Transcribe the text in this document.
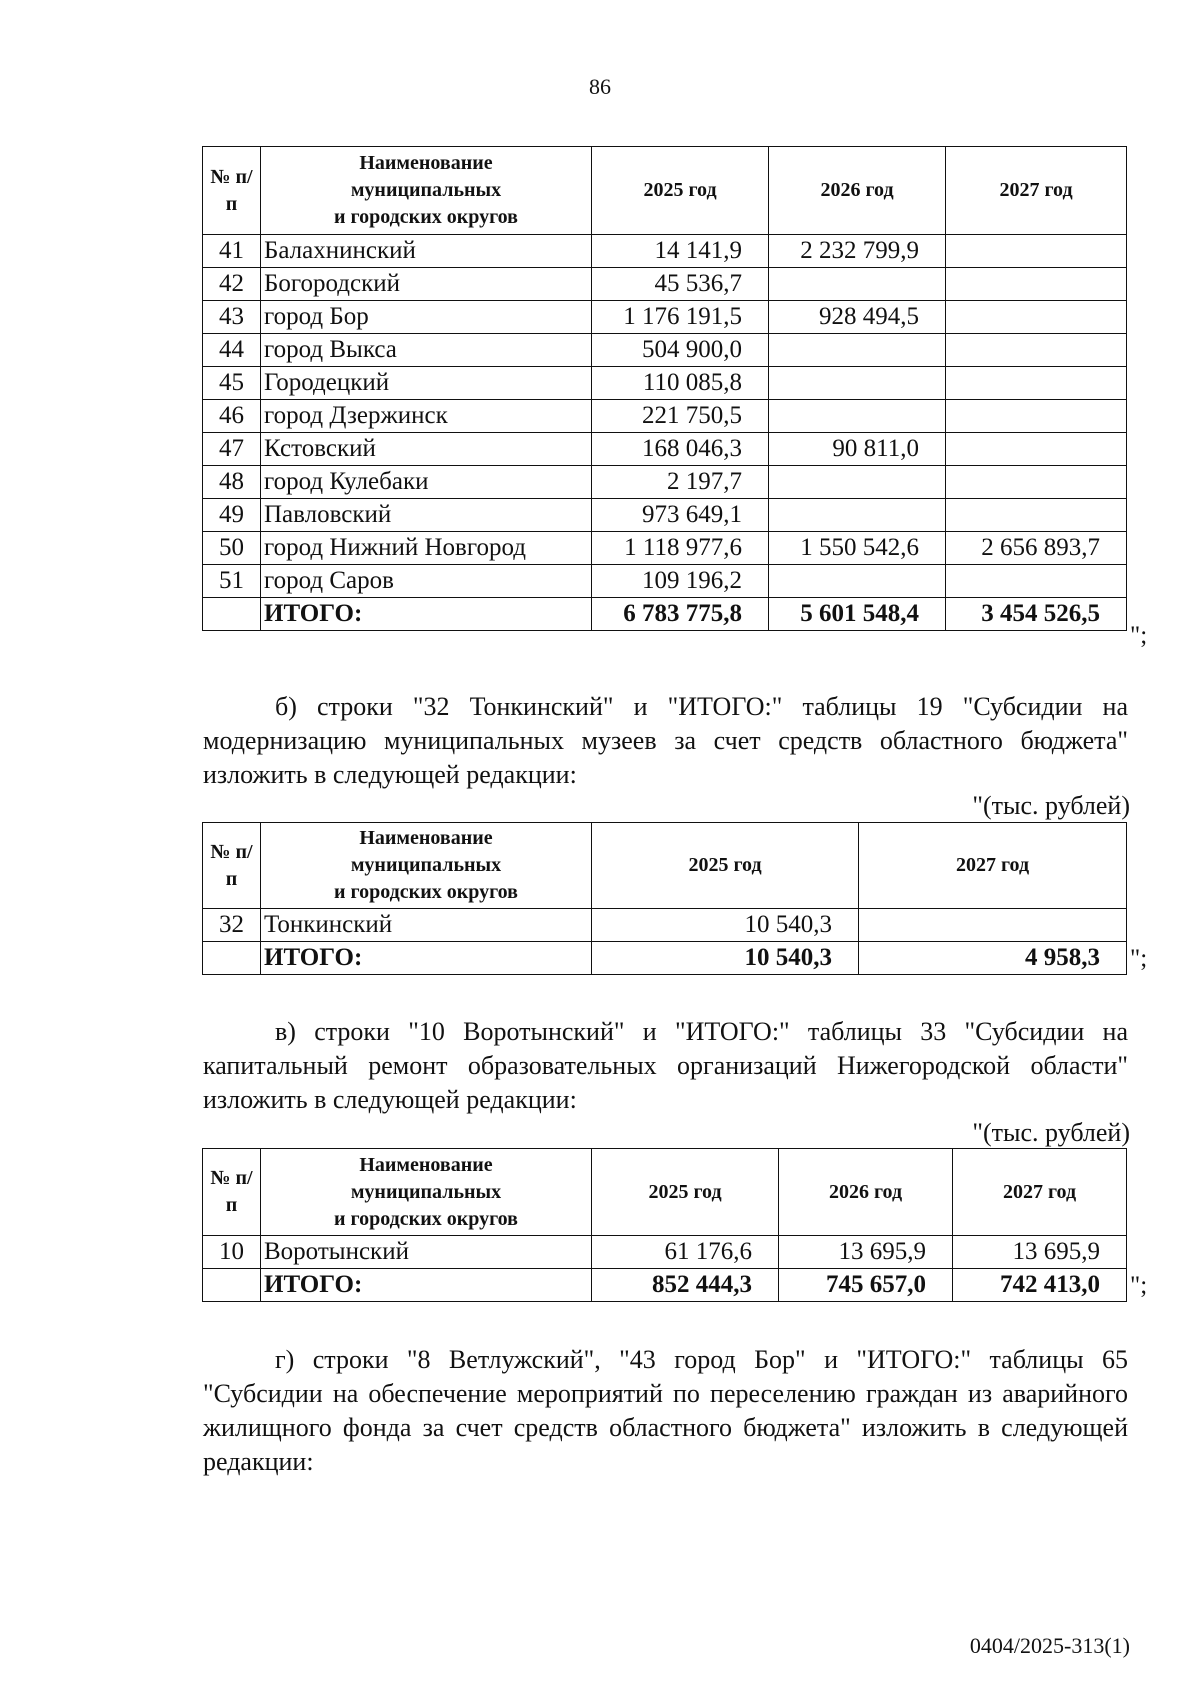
86
№ п/п	Наименование
муниципальных
и городских округов	2025 год	2026 год	2027 год
41	Балахнинский	14 141,9	2 232 799,9	
42	Богородский	45 536,7		
43	город Бор	1 176 191,5	928 494,5	
44	город Выкса	504 900,0		
45	Городецкий	110 085,8		
46	город Дзержинск	221 750,5		
47	Кстовский	168 046,3	90 811,0	
48	город Кулебаки	2 197,7		
49	Павловский	973 649,1		
50	город Нижний Новгород	1 118 977,6	1 550 542,6	2 656 893,7
51	город Саров	109 196,2		
	ИТОГО:	6 783 775,8	5 601 548,4	3 454 526,5
";

б) строки "32 Тонкинский" и "ИТОГО:" таблицы 19 "Субсидии на модернизацию муниципальных музеев за счет средств областного бюджета" изложить в следующей редакции:

"(тыс. рублей)
№ п/п	Наименование
муниципальных
и городских округов	2025 год	2027 год
32	Тонкинский	10 540,3	
	ИТОГО:	10 540,3	4 958,3 ";

в) строки "10 Воротынский" и "ИТОГО:" таблицы 33 "Субсидии на капитальный ремонт образовательных организаций Нижегородской области" изложить в следующей редакции:

"(тыс. рублей)
№ п/п	Наименование
муниципальных
и городских округов	2025 год	2026 год	2027 год
10	Воротынский	61 176,6	13 695,9	13 695,9
	ИТОГО:	852 444,3	745 657,0	742 413,0 ";

г) строки "8 Ветлужский", "43 город Бор" и "ИТОГО:" таблицы 65 "Субсидии на обеспечение мероприятий по переселению граждан из аварийного жилищного фонда за счет средств областного бюджета" изложить в следующей редакции:

0404/2025-313(1)
